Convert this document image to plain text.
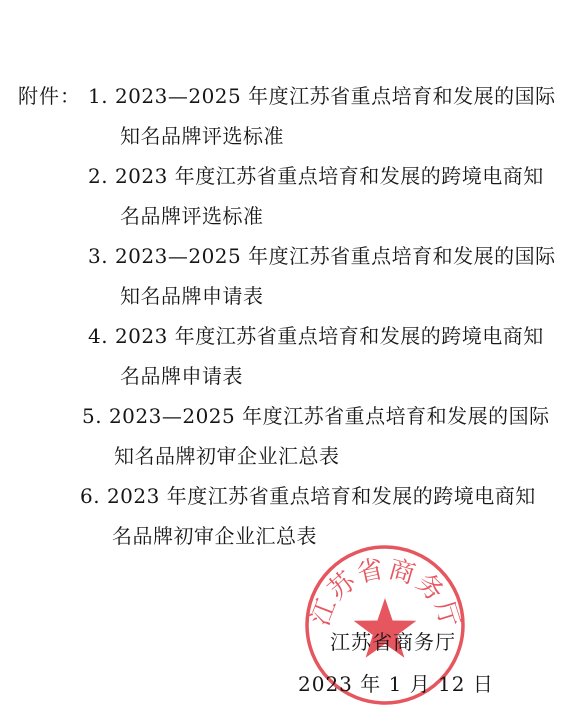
附件： 1. 2023—2025 年度江苏省重点培育和发展的国际
知名品牌评选标准
2. 2023 年度江苏省重点培育和发展的跨境电商知
名品牌评选标准
3. 2023—2025 年度江苏省重点培育和发展的国际
知名品牌申请表
4. 2023 年度江苏省重点培育和发展的跨境电商知
名品牌申请表
5. 2023—2025 年度江苏省重点培育和发展的国际
知名品牌初审企业汇总表
6. 2023 年度江苏省重点培育和发展的跨境电商知
名品牌初审企业汇总表
江苏省商务厅
江苏省商务厅
2023 年 1 月 12 日
